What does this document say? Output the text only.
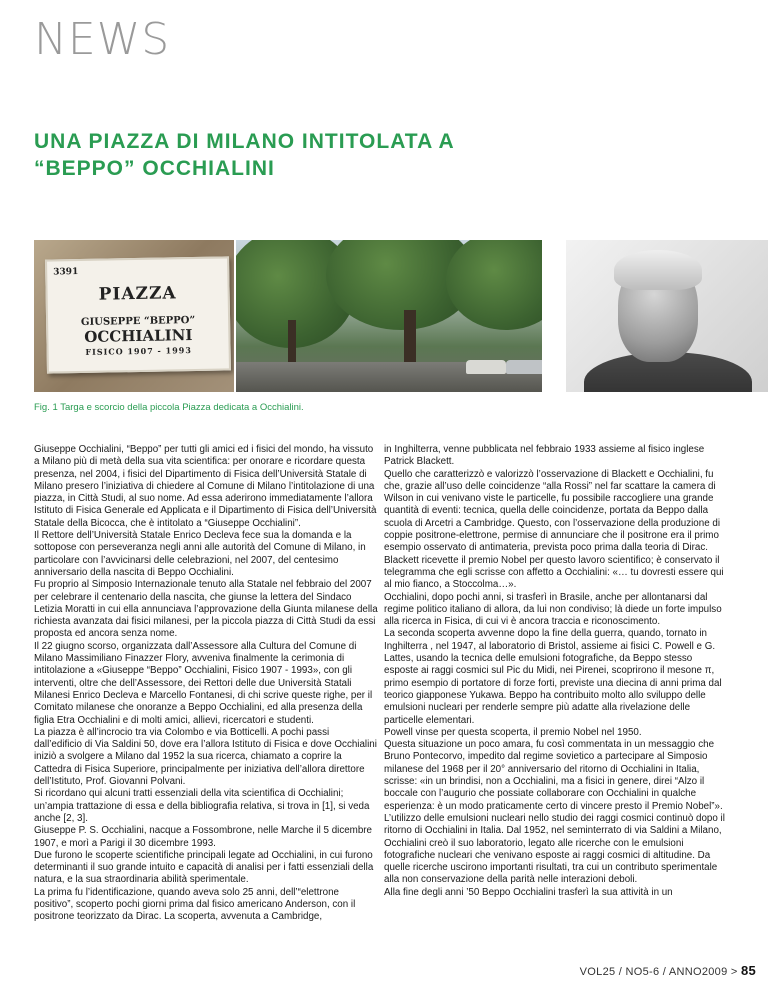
NEWS
UNA PIAZZA DI MILANO INTITOLATA A
“BEPPO” OCCHIALINI
3391
PIAZZA
GIUSEPPE “BEPPO” OCCHIALINI
FISICO 1907 - 1993
Fig. 1 Targa e scorcio della piccola Piazza dedicata a Occhialini.

Giuseppe Occhialini, “Beppo” per tutti gli amici ed i fisici del mondo, ha vissuto a Milano più di metà della sua vita scientifica: per onorare e ricordare questa presenza, nel 2004, i fisici del Dipartimento di Fisica dell’Università Statale di Milano presero l’iniziativa di chiedere al Comune di Milano l’intitolazione di una piazza, in Città Studi, al suo nome. Ad essa aderirono immediatamente l’allora Istituto di Fisica Generale ed Applicata e il Dipartimento di Fisica dell’Università Statale della Bicocca, che è intitolato a “Giuseppe Occhialini”.

Il Rettore dell’Università Statale Enrico Decleva fece sua la domanda e la sottopose con perseveranza negli anni alle autorità del Comune di Milano, in particolare con l’avvicinarsi delle celebrazioni, nel 2007, del centesimo anniversario della nascita di Beppo Occhialini.

Fu proprio al Simposio Internazionale tenuto alla Statale nel febbraio del 2007 per celebrare il centenario della nascita, che giunse la lettera del Sindaco Letizia Moratti in cui ella annunciava l’approvazione della Giunta milanese della richiesta avanzata dai fisici milanesi, per la piccola piazza di Città Studi da essi proposta ed ancora senza nome.

Il 22 giugno scorso, organizzata dall’Assessore alla Cultura del Comune di Milano Massimiliano Finazzer Flory, avveniva finalmente la cerimonia di intitolazione a «Giuseppe “Beppo” Occhialini, Fisico 1907 - 1993», con gli interventi, oltre che dell’Assessore, dei Rettori delle due Università Statali Milanesi Enrico Decleva e Marcello Fontanesi, di chi scrive queste righe, per il Comitato milanese che onoranze a Beppo Occhialini, ed alla presenza della figlia Etra Occhialini e di molti amici, allievi, ricercatori e studenti.

La piazza è all’incrocio tra via Colombo e via Botticelli. A pochi passi dall’edificio di Via Saldini 50, dove era l’allora Istituto di Fisica e dove Occhialini iniziò a svolgere a Milano dal 1952 la sua ricerca, chiamato a coprire la Cattedra di Fisica Superiore, principalmente per iniziativa dell’allora direttore dell’Istituto, Prof. Giovanni Polvani.

Si ricordano qui alcuni tratti essenziali della vita scientifica di Occhialini; un’ampia trattazione di essa e della bibliografia relativa, si trova in [1], si veda anche [2, 3].

Giuseppe P. S. Occhialini, nacque a Fossombrone, nelle Marche il 5 dicembre 1907, e morì a Parigi il 30 dicembre 1993.

Due furono le scoperte scientifiche principali legate ad Occhialini, in cui furono determinanti il suo grande intuito e capacità di analisi per i fatti essenziali della natura, e la sua straordinaria abilità sperimentale.

La prima fu l’identificazione, quando aveva solo 25 anni, dell’“elettrone positivo”, scoperto pochi giorni prima dal fisico americano Anderson, con il positrone teorizzato da Dirac. La scoperta, avvenuta a Cambridge,

in Inghilterra, venne pubblicata nel febbraio 1933 assieme al fisico inglese Patrick Blackett.

Quello che caratterizzò e valorizzò l’osservazione di Blackett e Occhialini, fu che, grazie all’uso delle coincidenze “alla Rossi” nel far scattare la camera di Wilson in cui venivano viste le particelle, fu possibile raccogliere una grande quantità di eventi: tecnica, quella delle coincidenze, portata da Beppo dalla scuola di Arcetri a Cambridge. Questo, con l’osservazione della produzione di coppie positrone-elettrone, permise di annunciare che il positrone era il primo esempio osservato di antimateria, prevista poco prima dalla teoria di Dirac.

Blackett ricevette il premio Nobel per questo lavoro scientifico; è conservato il telegramma che egli scrisse con affetto a Occhialini: «… tu dovresti essere qui al mio fianco, a Stoccolma…».

Occhialini, dopo pochi anni, si trasferì in Brasile, anche per allontanarsi dal regime politico italiano di allora, da lui non condiviso; là diede un forte impulso alla ricerca in Fisica, di cui vi è ancora traccia e riconoscimento.

La seconda scoperta avvenne dopo la fine della guerra, quando, tornato in Inghilterra , nel 1947, al laboratorio di Bristol, assieme ai fisici C. Powell e G. Lattes, usando la tecnica delle emulsioni fotografiche, da Beppo stesso esposte ai raggi cosmici sul Pic du Midi, nei Pirenei, scoprirono il mesone π, primo esempio di portatore di forze forti, previste una diecina di anni prima dal teorico giapponese Yukawa. Beppo ha contribuito molto allo sviluppo delle emulsioni nucleari per renderle sempre più adatte alla rivelazione delle particelle elementari.

Powell vinse per questa scoperta, il premio Nobel nel 1950.

Questa situazione un poco amara, fu così commentata in un messaggio che Bruno Pontecorvo, impedito dal regime sovietico a partecipare al Simposio milanese del 1968 per il 20° anniversario del ritorno di Occhialini in Italia, scrisse: «in un brindisi, non a Occhialini, ma a fisici in genere, direi “Alzo il boccale con l’augurio che possiate collaborare con Occhialini in qualche esperienza: è un modo praticamente certo di vincere presto il Premio Nobel”».

L’utilizzo delle emulsioni nucleari nello studio dei raggi cosmici continuò dopo il ritorno di Occhialini in Italia. Dal 1952, nel seminterrato di via Saldini a Milano, Occhialini creò il suo laboratorio, legato alle ricerche con le emulsioni fotografiche nucleari che venivano esposte ai raggi cosmici di altitudine. Da quelle ricerche uscirono importanti risultati, tra cui un contributo sperimentale alla non conservazione della parità nelle interazioni deboli.

Alla fine degli anni ’50 Beppo Occhialini trasferì la sua attività in un

VOL25 / NO5-6 / ANNO2009 > 85
